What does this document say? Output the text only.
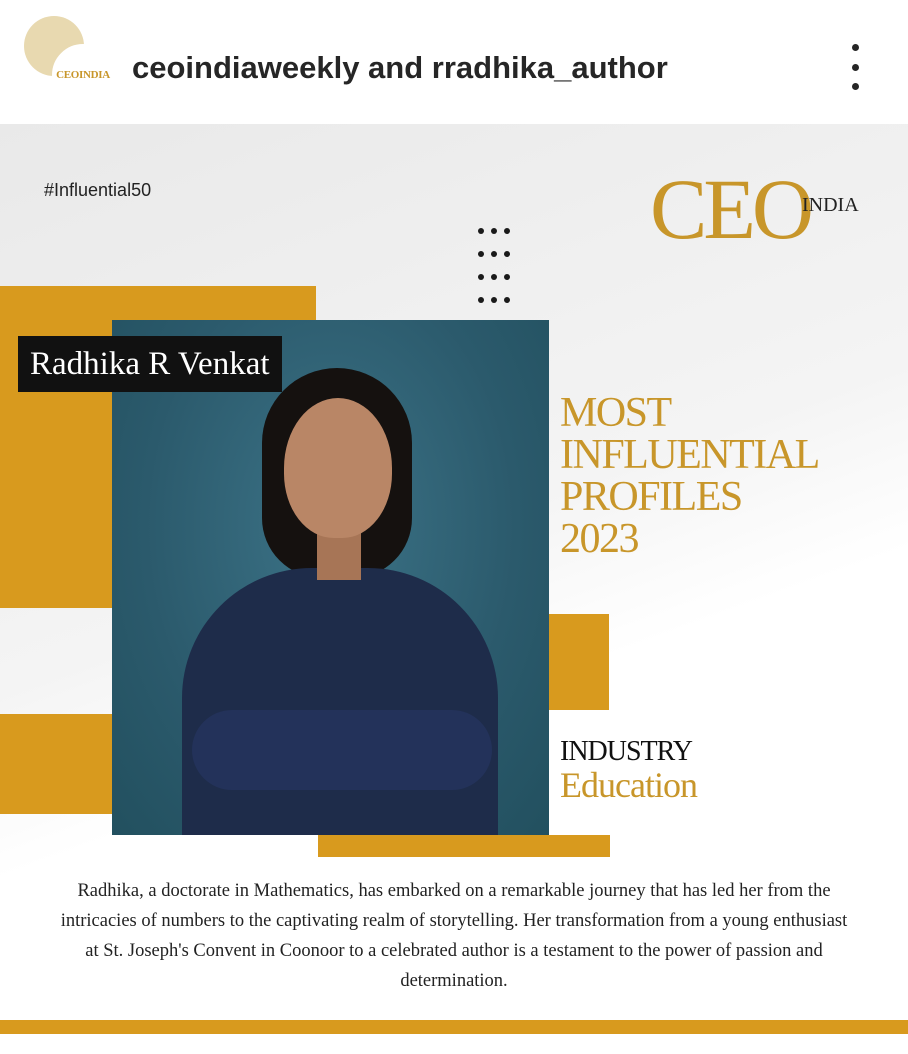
CEOINDIA ceoindiaweekly and rradhika_author
#Influential50	CEO
INDIA
Radhika R Venkat
MOST
INFLUENTIAL
PROFILES
2023
INDUSTRY
Education
Radhika, a doctorate in Mathematics, has embarked on a remarkable journey that has led her from the intricacies of numbers to the captivating realm of storytelling. Her transformation from a young enthusiast at St. Joseph's Convent in Coonoor to a celebrated author is a testament to the power of passion and determination.
